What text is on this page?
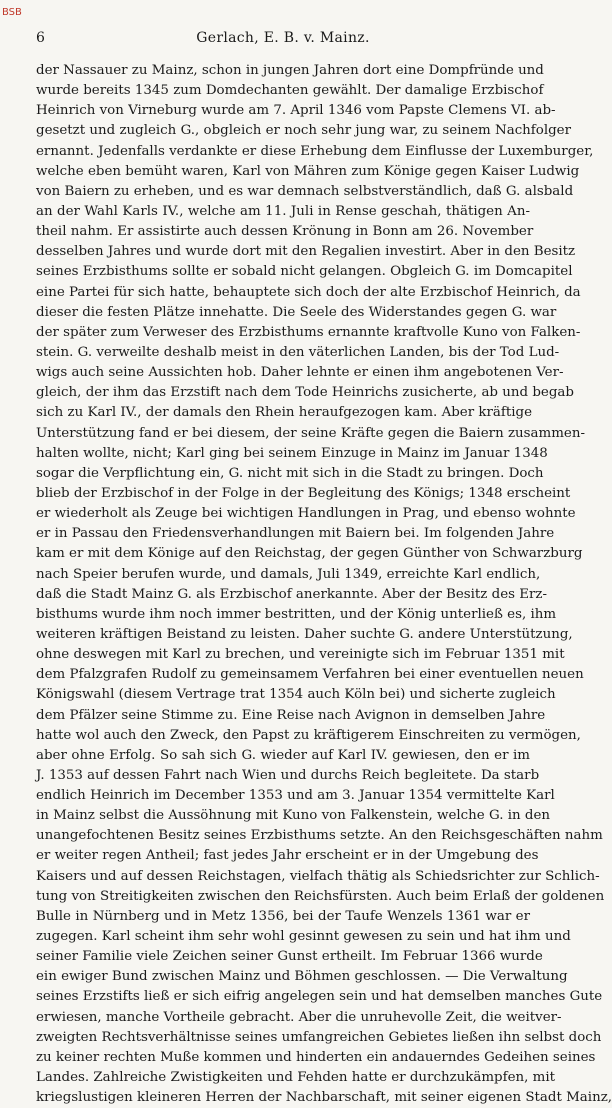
BSB
6	Gerlach, E. B. v. Mainz.
der Nassauer zu Mainz, schon in jungen Jahren dort eine Dompfründe und
wurde bereits 1345 zum Domdechanten gewählt. Der damalige Erzbischof
Heinrich von Virneburg wurde am 7. April 1346 vom Papste Clemens VI. ab-
gesetzt und zugleich G., obgleich er noch sehr jung war, zu seinem Nachfolger
ernannt. Jedenfalls verdankte er diese Erhebung dem Einflusse der Luxemburger,
welche eben bemüht waren, Karl von Mähren zum Könige gegen Kaiser Ludwig
von Baiern zu erheben, und es war demnach selbstverständlich, daß G. alsbald
an der Wahl Karls IV., welche am 11. Juli in Rense geschah, thätigen An-
theil nahm. Er assistirte auch dessen Krönung in Bonn am 26. November
desselben Jahres und wurde dort mit den Regalien investirt. Aber in den Besitz
seines Erzbisthums sollte er sobald nicht gelangen. Obgleich G. im Domcapitel
eine Partei für sich hatte, behauptete sich doch der alte Erzbischof Heinrich, da
dieser die festen Plätze innehatte. Die Seele des Widerstandes gegen G. war
der später zum Verweser des Erzbisthums ernannte kraftvolle Kuno von Falken-
stein. G. verweilte deshalb meist in den väterlichen Landen, bis der Tod Lud-
wigs auch seine Aussichten hob. Daher lehnte er einen ihm angebotenen Ver-
gleich, der ihm das Erzstift nach dem Tode Heinrichs zusicherte, ab und begab
sich zu Karl IV., der damals den Rhein heraufgezogen kam. Aber kräftige
Unterstützung fand er bei diesem, der seine Kräfte gegen die Baiern zusammen-
halten wollte, nicht; Karl ging bei seinem Einzuge in Mainz im Januar 1348
sogar die Verpflichtung ein, G. nicht mit sich in die Stadt zu bringen. Doch
blieb der Erzbischof in der Folge in der Begleitung des Königs; 1348 erscheint
er wiederholt als Zeuge bei wichtigen Handlungen in Prag, und ebenso wohnte
er in Passau den Friedensverhandlungen mit Baiern bei. Im folgenden Jahre
kam er mit dem Könige auf den Reichstag, der gegen Günther von Schwarzburg
nach Speier berufen wurde, und damals, Juli 1349, erreichte Karl endlich,
daß die Stadt Mainz G. als Erzbischof anerkannte. Aber der Besitz des Erz-
bisthums wurde ihm noch immer bestritten, und der König unterließ es, ihm
weiteren kräftigen Beistand zu leisten. Daher suchte G. andere Unterstützung,
ohne deswegen mit Karl zu brechen, und vereinigte sich im Februar 1351 mit
dem Pfalzgrafen Rudolf zu gemeinsamem Verfahren bei einer eventuellen neuen
Königswahl (diesem Vertrage trat 1354 auch Köln bei) und sicherte zugleich
dem Pfälzer seine Stimme zu. Eine Reise nach Avignon in demselben Jahre
hatte wol auch den Zweck, den Papst zu kräftigerem Einschreiten zu vermögen,
aber ohne Erfolg. So sah sich G. wieder auf Karl IV. gewiesen, den er im
J. 1353 auf dessen Fahrt nach Wien und durchs Reich begleitete. Da starb
endlich Heinrich im December 1353 und am 3. Januar 1354 vermittelte Karl
in Mainz selbst die Aussöhnung mit Kuno von Falkenstein, welche G. in den
unangefochtenen Besitz seines Erzbisthums setzte. An den Reichsgeschäften nahm
er weiter regen Antheil; fast jedes Jahr erscheint er in der Umgebung des
Kaisers und auf dessen Reichstagen, vielfach thätig als Schiedsrichter zur Schlich-
tung von Streitigkeiten zwischen den Reichsfürsten. Auch beim Erlaß der goldenen
Bulle in Nürnberg und in Metz 1356, bei der Taufe Wenzels 1361 war er
zugegen. Karl scheint ihm sehr wohl gesinnt gewesen zu sein und hat ihm und
seiner Familie viele Zeichen seiner Gunst ertheilt. Im Februar 1366 wurde
ein ewiger Bund zwischen Mainz und Böhmen geschlossen. — Die Verwaltung
seines Erzstifts ließ er sich eifrig angelegen sein und hat demselben manches Gute
erwiesen, manche Vortheile gebracht. Aber die unruhevolle Zeit, die weitver-
zweigten Rechtsverhältnisse seines umfangreichen Gebietes ließen ihn selbst doch
zu keiner rechten Muße kommen und hinderten ein andauerndes Gedeihen seines
Landes. Zahlreiche Zwistigkeiten und Fehden hatte er durchzukämpfen, mit
kriegslustigen kleineren Herren der Nachbarschaft, mit seiner eigenen Stadt Mainz,
